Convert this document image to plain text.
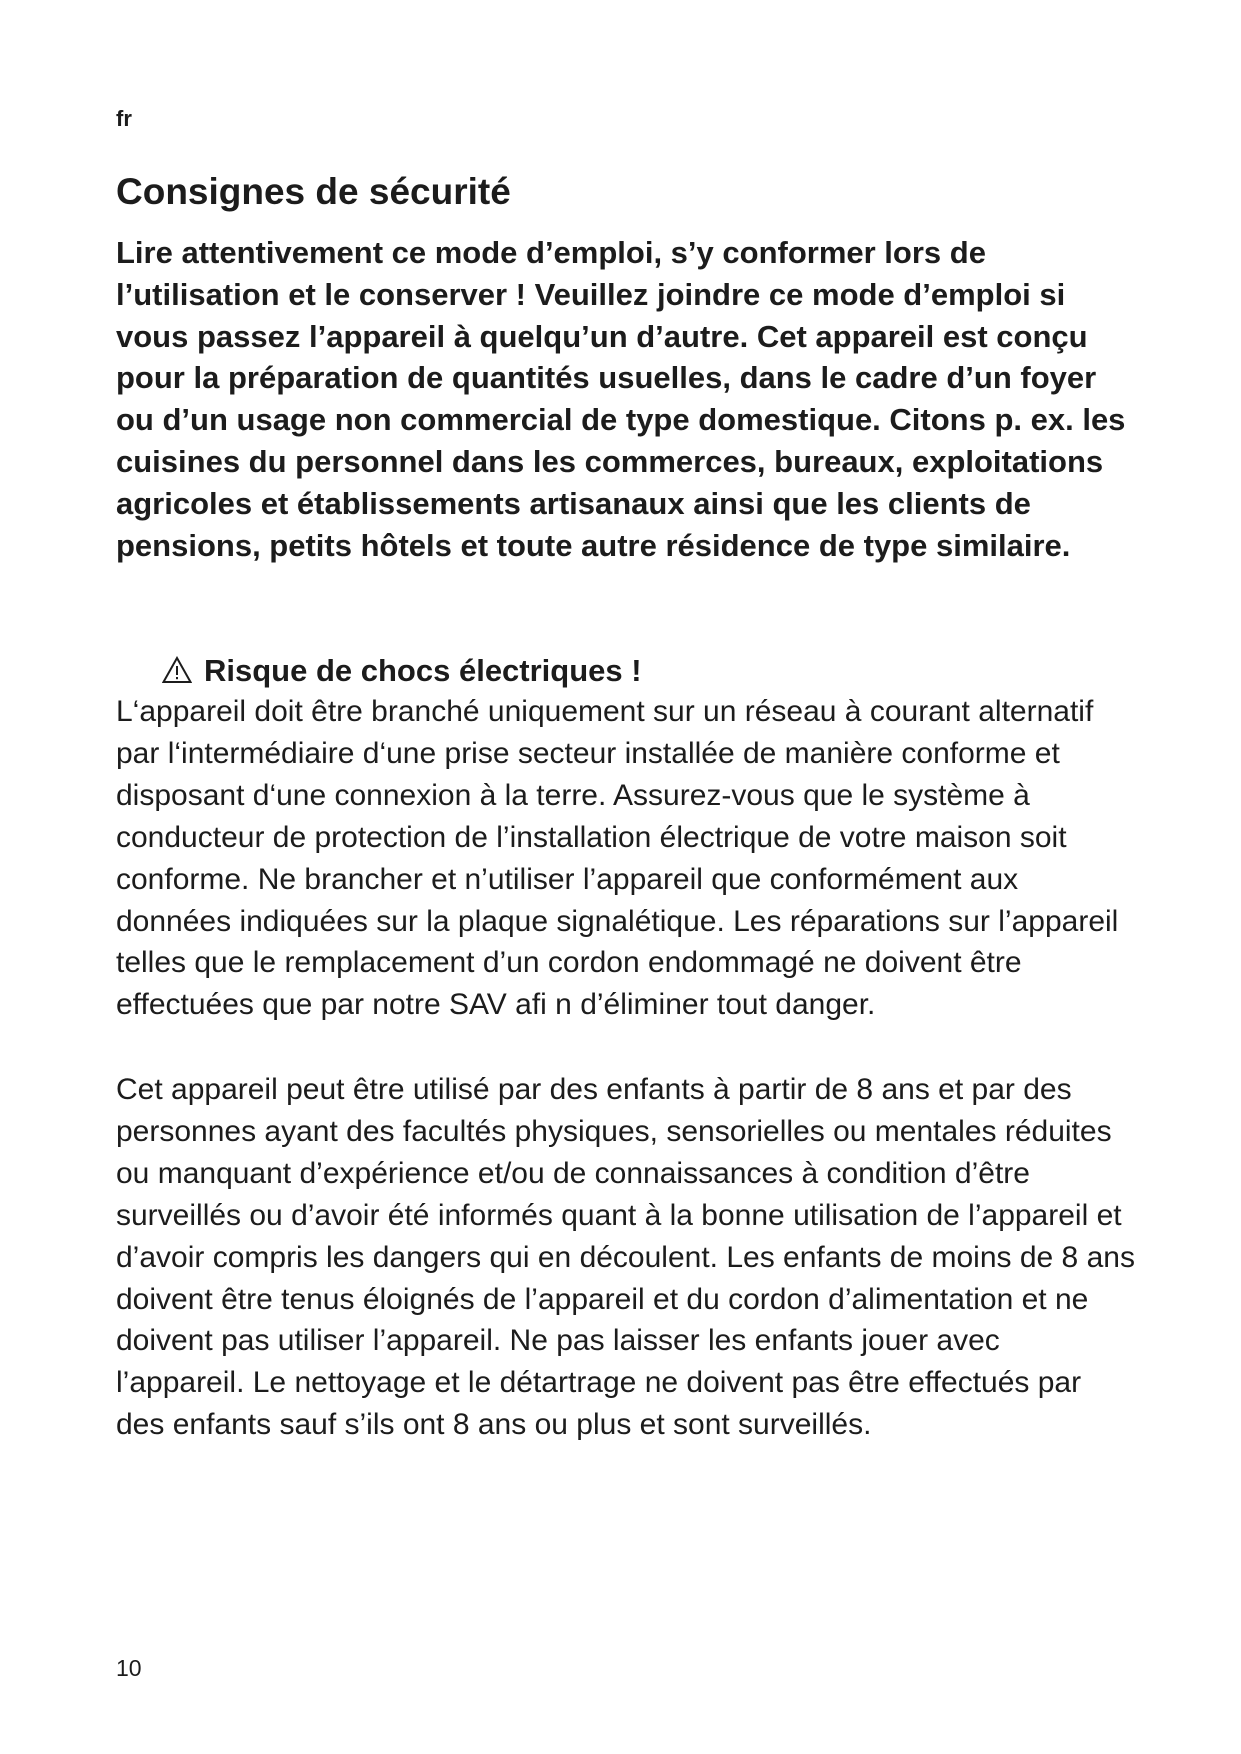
fr
Consignes de sécurité

Lire attentivement ce mode d’emploi, s’y conformer lors de l’utilisation et le conserver ! Veuillez joindre ce mode d’emploi si vous passez l’appareil à quelqu’un d’autre. Cet appareil est conçu pour la préparation de quantités usuelles, dans le cadre d’un foyer ou d’un usage non commercial de type domestique. Citons p. ex. les cuisines du personnel dans les commerces, bureaux, exploitations agricoles et établissements artisanaux ainsi que les clients de pensions, petits hôtels et toute autre résidence de type similaire.

Risque de chocs électriques !

L‘appareil doit être branché uniquement sur un réseau à courant alternatif par l‘intermédiaire d‘une prise secteur installée de manière conforme et disposant d‘une connexion à la terre. Assurez-vous que le système à conducteur de protection de l’installation électrique de votre maison soit conforme. Ne brancher et n’utiliser l’appareil que conformément aux données indiquées sur la plaque signalétique. Les réparations sur l’appareil telles que le remplacement d’un cordon endommagé ne doivent être effectuées que par notre SAV afi n d’éliminer tout danger.

Cet appareil peut être utilisé par des enfants à partir de 8 ans et par des personnes ayant des facultés physiques, sensorielles ou mentales réduites ou manquant d’expérience et/ou de connaissances à condition d’être surveillés ou d’avoir été informés quant à la bonne utilisation de l’appareil et d’avoir compris les dangers qui en découlent. Les enfants de moins de 8 ans doivent être tenus éloignés de l’appareil et du cordon d’alimentation et ne doivent pas utiliser l’appareil. Ne pas laisser les enfants jouer avec l’appareil. Le nettoyage et le détartrage ne doivent pas être effectués par des enfants sauf s’ils ont 8 ans ou plus et sont surveillés.

10
